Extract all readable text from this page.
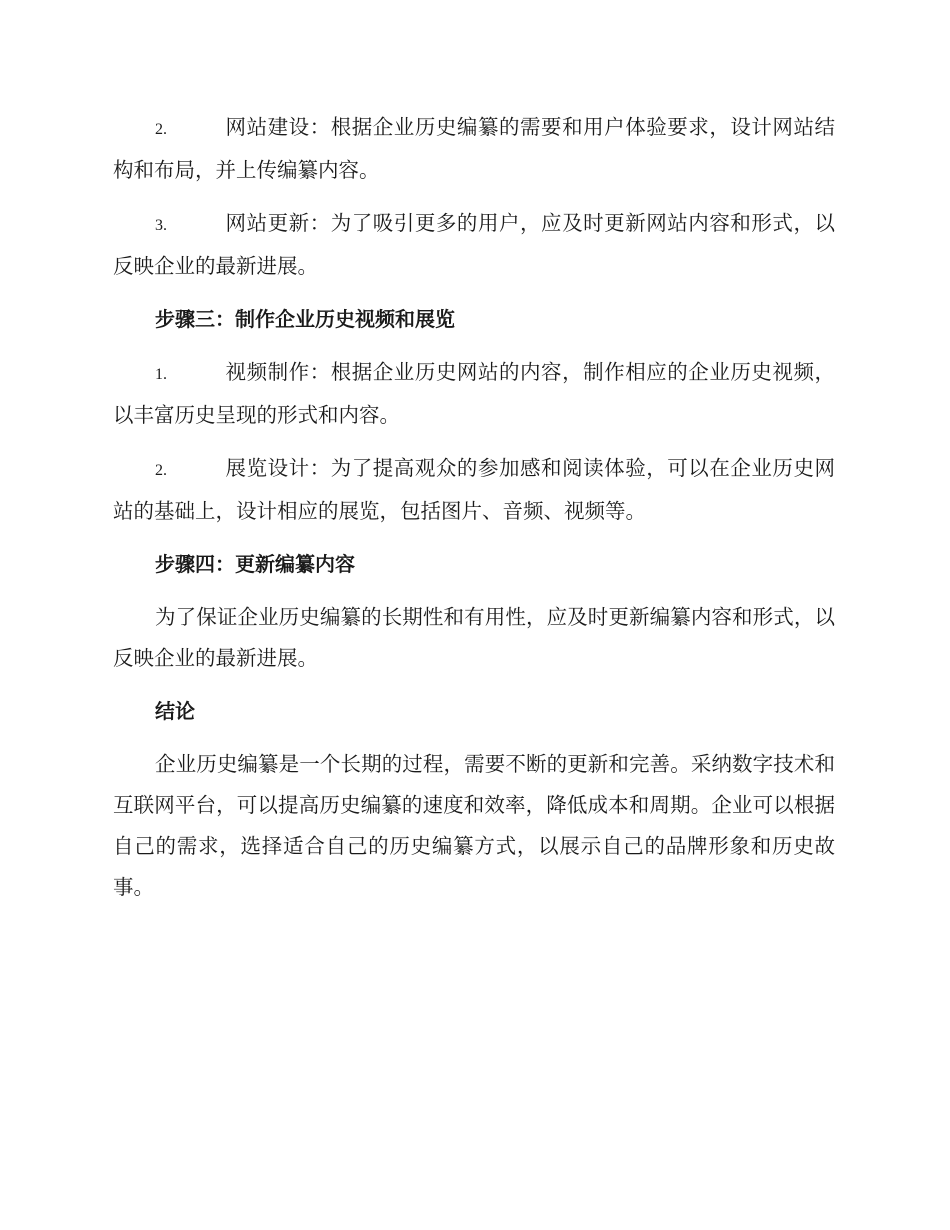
2.	网站建设：根据企业历史编纂的需要和用户体验要求，设计网站结构和布局，并上传编纂内容。

3.	网站更新：为了吸引更多的用户，应及时更新网站内容和形式，以反映企业的最新进展。

步骤三：制作企业历史视频和展览

1.	视频制作：根据企业历史网站的内容，制作相应的企业历史视频，以丰富历史呈现的形式和内容。

2.	展览设计：为了提高观众的参加感和阅读体验，可以在企业历史网站的基础上，设计相应的展览，包括图片、音频、视频等。

步骤四：更新编纂内容

为了保证企业历史编纂的长期性和有用性，应及时更新编纂内容和形式，以反映企业的最新进展。

结论

企业历史编纂是一个长期的过程，需要不断的更新和完善。采纳数字技术和互联网平台，可以提高历史编纂的速度和效率，降低成本和周期。企业可以根据自己的需求，选择适合自己的历史编纂方式，以展示自己的品牌形象和历史故事。
